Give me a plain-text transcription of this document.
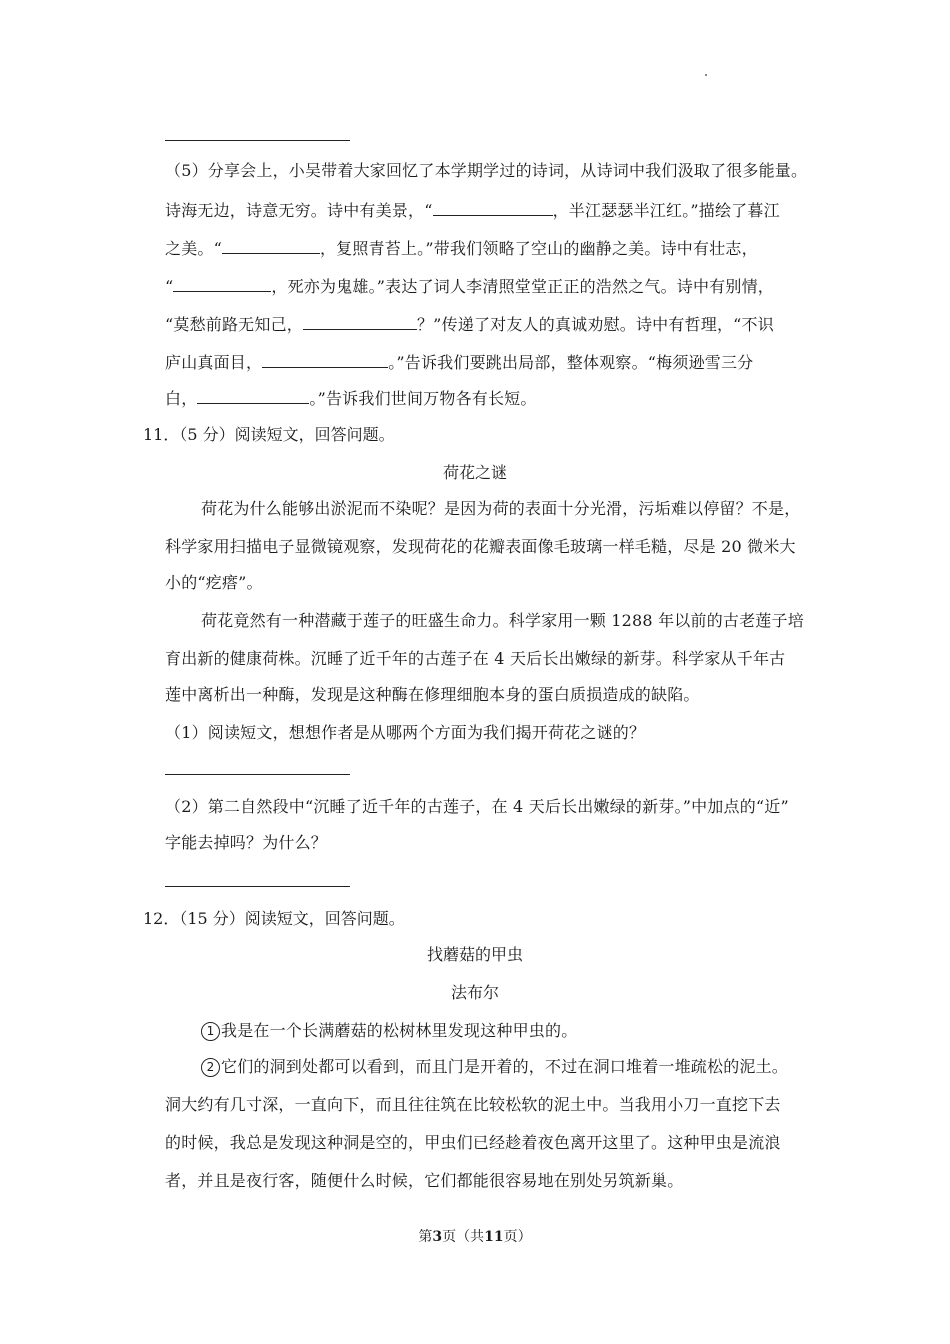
（5）分享会上，小吴带着大家回忆了本学期学过的诗词，从诗词中我们汲取了很多能量。
诗海无边，诗意无穷。诗中有美景，“	，半江瑟瑟半江红。”描绘了暮江
之美。“	，复照青苔上。”带我们领略了空山的幽静之美。诗中有壮志，
“	，死亦为鬼雄。”表达了词人李清照堂堂正正的浩然之气。诗中有别情，
“莫愁前路无知己，	？”传递了对友人的真诚劝慰。诗中有哲理，“不识
庐山真面目，	。”告诉我们要跳出局部，整体观察。“梅须逊雪三分
白，	。”告诉我们世间万物各有长短。
11．（5 分）阅读短文，回答问题。
荷花之谜
荷花为什么能够出淤泥而不染呢？是因为荷的表面十分光滑，污垢难以停留？不是，
科学家用扫描电子显微镜观察，发现荷花的花瓣表面像毛玻璃一样毛糙，尽是 20 微米大
小的“疙瘩”。
荷花竟然有一种潜藏于莲子的旺盛生命力。科学家用一颗 1288 年以前的古老莲子培
育出新的健康荷株。沉睡了近千年的古莲子在 4 天后长出嫩绿的新芽。科学家从千年古
莲中离析出一种酶，发现是这种酶在修理细胞本身的蛋白质损造成的缺陷。
（1）阅读短文，想想作者是从哪两个方面为我们揭开荷花之谜的？
（2）第二自然段中“沉睡了近千年的古莲子，在 4 天后长出嫩绿的新芽。”中加点的“近”
字能去掉吗？为什么？
12．（15 分）阅读短文，回答问题。
找蘑菇的甲虫
法布尔
1 我是在一个长满蘑菇的松树林里发现这种甲虫的。
2 它们的洞到处都可以看到，而且门是开着的，不过在洞口堆着一堆疏松的泥土。
洞大约有几寸深，一直向下，而且往往筑在比较松软的泥土中。当我用小刀一直挖下去
的时候，我总是发现这种洞是空的，甲虫们已经趁着夜色离开这里了。这种甲虫是流浪
者，并且是夜行客，随便什么时候，它们都能很容易地在别处另筑新巢。
第3页（共11页）
